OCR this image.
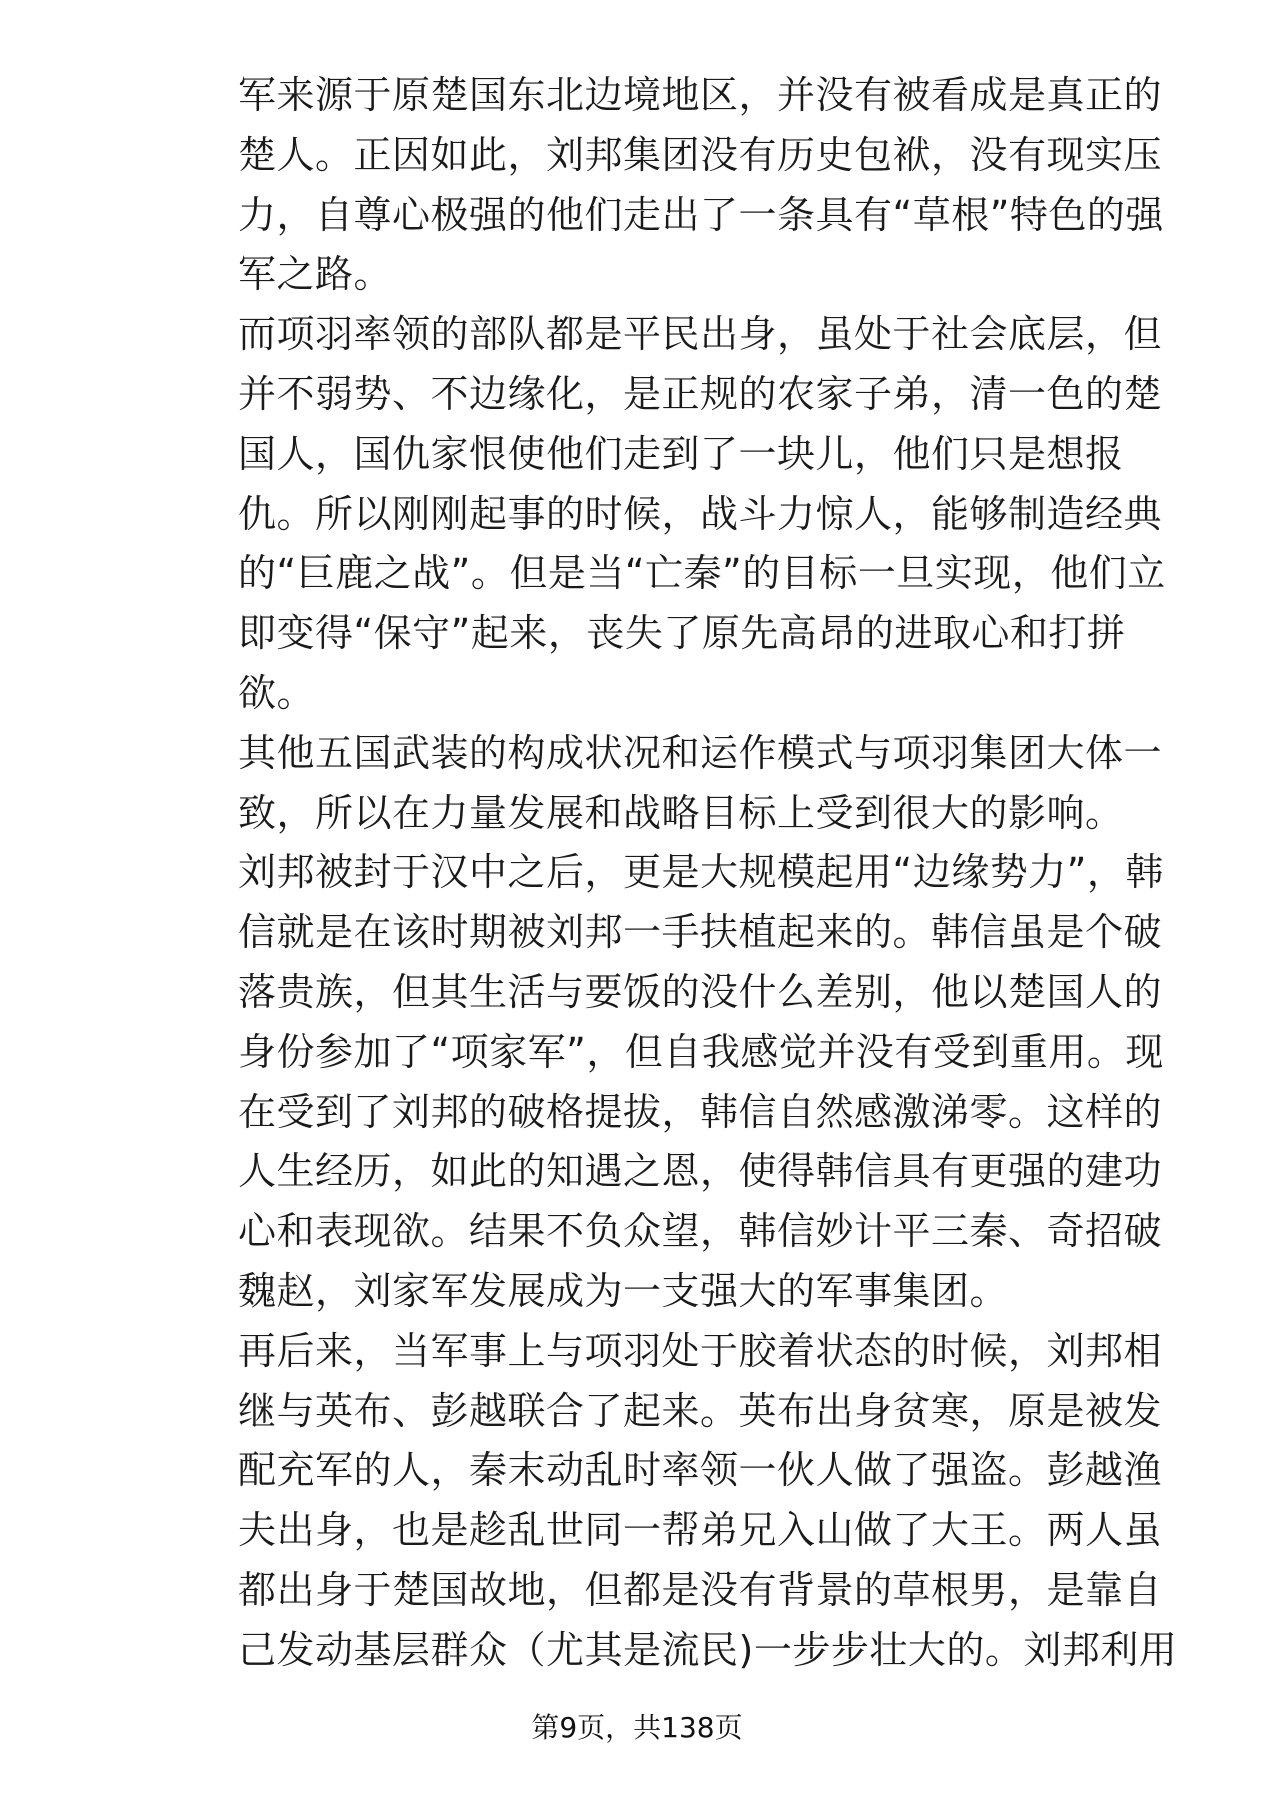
军来源于原楚国东北边境地区，并没有被看成是真正的
楚人。正因如此，刘邦集团没有历史包袱，没有现实压
力，自尊心极强的他们走出了一条具有“草根”特色的强
军之路。
而项羽率领的部队都是平民出身，虽处于社会底层，但
并不弱势、不边缘化，是正规的农家子弟，清一色的楚
国人，国仇家恨使他们走到了一块儿，他们只是想报
仇。所以刚刚起事的时候，战斗力惊人，能够制造经典
的“巨鹿之战”。但是当“亡秦”的目标一旦实现，他们立
即变得“保守”起来，丧失了原先高昂的进取心和打拼
欲。
其他五国武装的构成状况和运作模式与项羽集团大体一
致，所以在力量发展和战略目标上受到很大的影响。
刘邦被封于汉中之后，更是大规模起用“边缘势力”，韩
信就是在该时期被刘邦一手扶植起来的。韩信虽是个破
落贵族，但其生活与要饭的没什么差别，他以楚国人的
身份参加了“项家军”，但自我感觉并没有受到重用。现
在受到了刘邦的破格提拔，韩信自然感激涕零。这样的
人生经历，如此的知遇之恩，使得韩信具有更强的建功
心和表现欲。结果不负众望，韩信妙计平三秦、奇招破
魏赵，刘家军发展成为一支强大的军事集团。
再后来，当军事上与项羽处于胶着状态的时候，刘邦相
继与英布、彭越联合了起来。英布出身贫寒，原是被发
配充军的人，秦末动乱时率领一伙人做了强盗。彭越渔
夫出身，也是趁乱世同一帮弟兄入山做了大王。两人虽
都出身于楚国故地，但都是没有背景的草根男，是靠自
己发动基层群众（尤其是流民)一步步壮大的。刘邦利用
第9页，共138页
